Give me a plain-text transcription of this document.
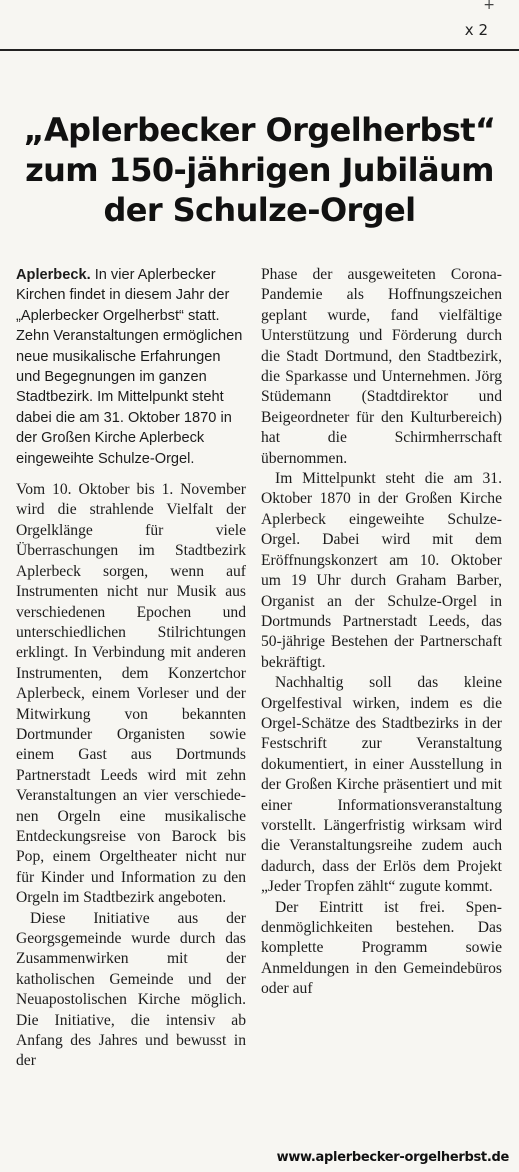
+
x 2
„Aplerbecker Orgelherbst“
zum 150-jährigen Jubiläum
der Schulze-Orgel

Aplerbeck. In vier Aplerbecker Kirchen findet in diesem Jahr der „Aplerbecker Orgelherbst“ statt. Zehn Veranstaltungen ermöglichen neue musikalische Erfahrungen und Begegnungen im ganzen Stadtbezirk. Im Mittelpunkt steht dabei die am 31. Oktober 1870 in der Großen Kirche Aplerbeck eingeweihte Schulze-Orgel.

Vom 10. Oktober bis 1. November wird die strahlende Vielfalt der Orgelklänge für viele Überraschungen im Stadtbezirk Aplerbeck sorgen, wenn auf Instrumenten nicht nur Musik aus verschiedenen Epochen und unterschiedlichen Stilrichtungen erklingt. In Verbindung mit anderen Instrumenten, dem Konzertchor Aplerbeck, einem Vorleser und der Mitwirkung von bekannten Dortmunder Organisten sowie einem Gast aus Dortmunds Partnerstadt Leeds wird mit zehn Veranstaltungen an vier verschiedenen Orgeln eine musikalische Entdeckungsreise von Barock bis Pop, einem Orgeltheater nicht nur für Kinder und Information zu den Orgeln im Stadtbezirk angeboten.

Diese Initiative aus der Georgsgemeinde wurde durch das Zusammenwirken mit der katholischen Gemeinde und der Neuapostolischen Kirche möglich. Die Initiative, die intensiv ab Anfang des Jahres und bewusst in der

Phase der ausgeweiteten Corona-Pandemie als Hoffnungszeichen geplant wurde, fand vielfältige Unterstützung und Förderung durch die Stadt Dortmund, den Stadtbezirk, die Sparkasse und Unternehmen. Jörg Stüdemann (Stadtdirektor und Beigeordneter für den Kulturbereich) hat die Schirmherrschaft übernommen.

Im Mittelpunkt steht die am 31. Oktober 1870 in der Großen Kirche Aplerbeck eingeweihte Schulze-Orgel. Dabei wird mit dem Eröffnungskonzert am 10. Oktober um 19 Uhr durch Graham Barber, Organist an der Schulze-Orgel in Dortmunds Partnerstadt Leeds, das 50-jährige Bestehen der Partnerschaft bekräftigt.

Nachhaltig soll das kleine Orgelfestival wirken, indem es die Orgel-Schätze des Stadtbezirks in der Festschrift zur Veranstaltung dokumentiert, in einer Ausstellung in der Großen Kirche präsentiert und mit einer Informationsveranstaltung vorstellt. Längerfristig wirksam wird die Veranstaltungsreihe zudem auch dadurch, dass der Erlös dem Projekt „Jeder Tropfen zählt“ zugute kommt.

Der Eintritt ist frei. Spendenmöglichkeiten bestehen. Das komplette Programm sowie Anmeldungen in den Gemeindebüros oder auf

www.aplerbecker-orgelherbst.de
